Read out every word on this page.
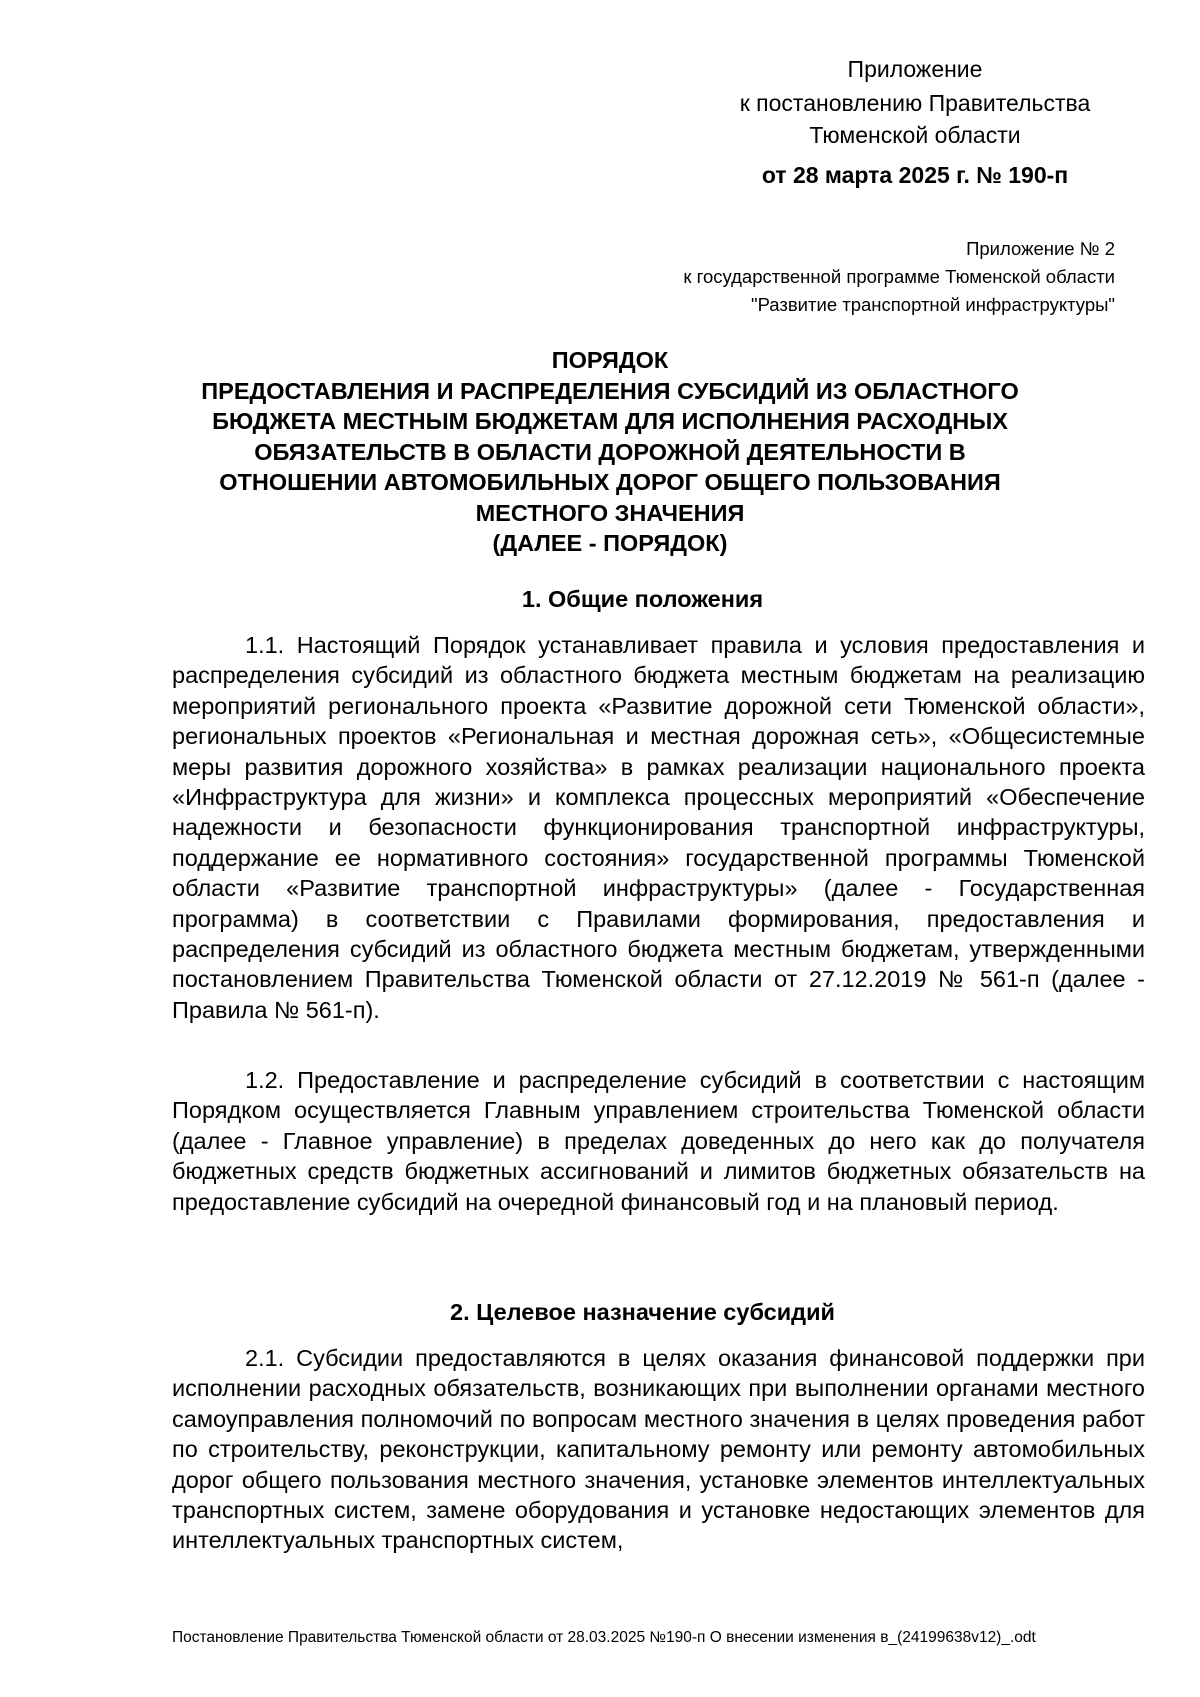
Приложение
к постановлению Правительства
Тюменской области
от 28 марта 2025 г. № 190-п
Приложение № 2
к государственной программе Тюменской области
"Развитие транспортной инфраструктуры"
ПОРЯДОК
ПРЕДОСТАВЛЕНИЯ И РАСПРЕДЕЛЕНИЯ СУБСИДИЙ ИЗ ОБЛАСТНОГО
БЮДЖЕТА МЕСТНЫМ БЮДЖЕТАМ ДЛЯ ИСПОЛНЕНИЯ РАСХОДНЫХ
ОБЯЗАТЕЛЬСТВ В ОБЛАСТИ ДОРОЖНОЙ ДЕЯТЕЛЬНОСТИ В
ОТНОШЕНИИ АВТОМОБИЛЬНЫХ ДОРОГ ОБЩЕГО ПОЛЬЗОВАНИЯ
МЕСТНОГО ЗНАЧЕНИЯ
(ДАЛЕЕ - ПОРЯДОК)
1. Общие положения
1.1. Настоящий Порядок устанавливает правила и условия предоставления и распределения субсидий из областного бюджета местным бюджетам на реализацию мероприятий регионального проекта «Развитие дорожной сети Тюменской области», региональных проектов «Региональная и местная дорожная сеть», «Общесистемные меры развития дорожного хозяйства» в рамках реализации национального проекта «Инфраструктура для жизни» и комплекса процессных мероприятий «Обеспечение надежности и безопасности функционирования транспортной инфраструктуры, поддержание ее нормативного состояния» государственной программы Тюменской области «Развитие транспортной инфраструктуры» (далее - Государственная программа) в соответствии с Правилами формирования, предоставления и распределения субсидий из областного бюджета местным бюджетам, утвержденными постановлением Правительства Тюменской области от 27.12.2019 № 561-п (далее - Правила № 561-п).
1.2. Предоставление и распределение субсидий в соответствии с настоящим Порядком осуществляется Главным управлением строительства Тюменской области (далее - Главное управление) в пределах доведенных до него как до получателя бюджетных средств бюджетных ассигнований и лимитов бюджетных обязательств на предоставление субсидий на очередной финансовый год и на плановый период.
2. Целевое назначение субсидий
2.1. Субсидии предоставляются в целях оказания финансовой поддержки при исполнении расходных обязательств, возникающих при выполнении органами местного самоуправления полномочий по вопросам местного значения в целях проведения работ по строительству, реконструкции, капитальному ремонту или ремонту автомобильных дорог общего пользования местного значения, установке элементов интеллектуальных транспортных систем, замене оборудования и установке недостающих элементов для интеллектуальных транспортных систем,
Постановление Правительства Тюменской области от 28.03.2025 №190-п О внесении изменения в_(24199638v12)_.odt
